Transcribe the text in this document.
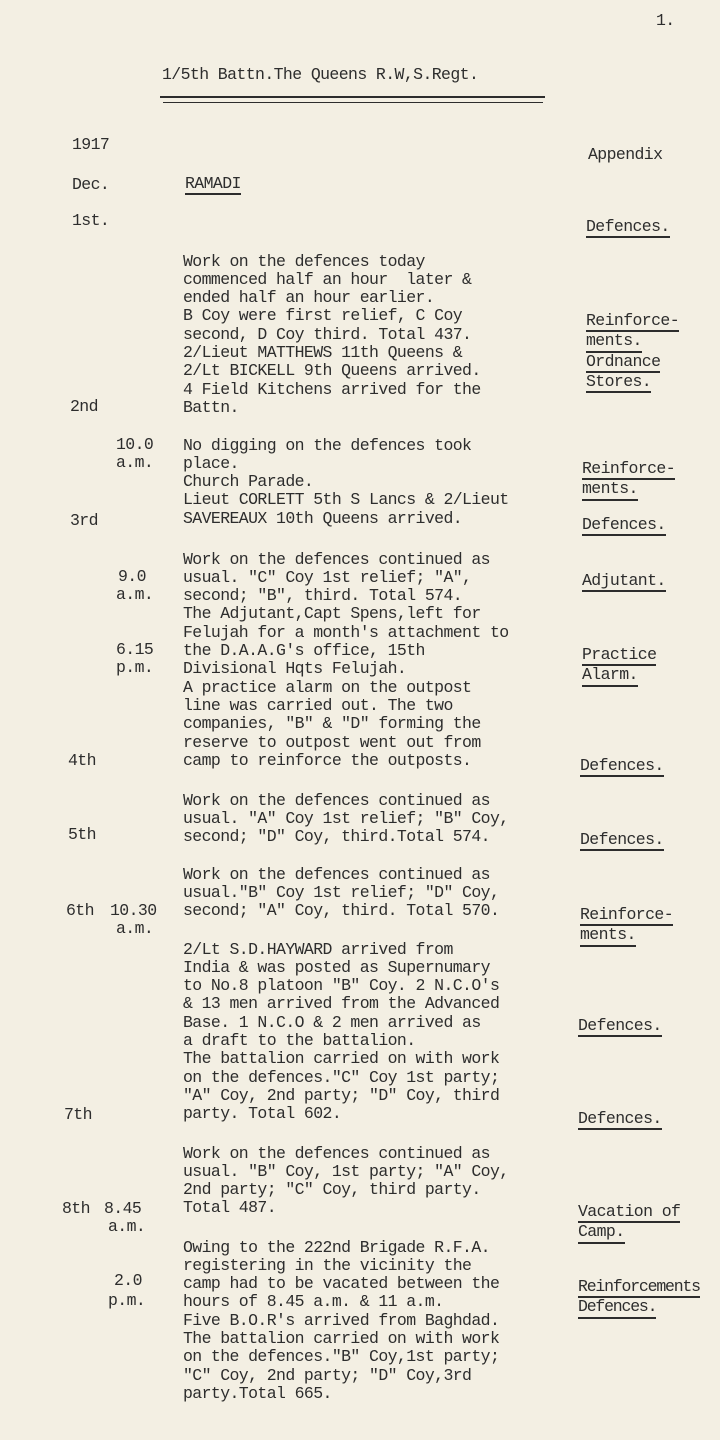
1.
1/5th Battn.The Queens R.W,S.Regt.
1917
Appendix
Dec.	RAMADI
1st.

Work on the defences today
commenced half an hour  later &
ended half an hour earlier.
B Coy were first relief, C Coy
second, D Coy third. Total 437.
2/Lieut MATTHEWS 11th Queens &
2/Lt BICKELL 9th Queens arrived.
4 Field Kitchens arrived for the
Battn.

Defences.
Reinforce-
ments.
Ordnance
Stores.
2nd
10.0
a.m.

No digging on the defences took
place.
Church Parade.
Lieut CORLETT 5th S Lancs & 2/Lieut
SAVEREAUX 10th Queens arrived.

Reinforce-
ments.
3rd
9.0
a.m.
6.15
p.m.

Work on the defences continued as
usual. "C" Coy 1st relief; "A",
second; "B", third. Total 574.
The Adjutant,Capt Spens,left for
Felujah for a month's attachment to
the D.A.A.G's office, 15th
Divisional Hqts Felujah.
A practice alarm on the outpost
line was carried out. The two
companies, "B" & "D" forming the
reserve to outpost went out from
camp to reinforce the outposts.

Defences.
Adjutant.
Practice
Alarm.
4th

Work on the defences continued as
usual. "A" Coy 1st relief; "B" Coy,
second; "D" Coy, third.Total 574.

Defences.
5th

Work on the defences continued as
usual."B" Coy 1st relief; "D" Coy,
second; "A" Coy, third. Total 570.

Defences.
6th 10.30
a.m.

2/Lt S.D.HAYWARD arrived from
India & was posted as Supernumary
to No.8 platoon "B" Coy. 2 N.C.O's
& 13 men arrived from the Advanced
Base. 1 N.C.O & 2 men arrived as
a draft to the battalion.
The battalion carried on with work
on the defences."C" Coy 1st party;
"A" Coy, 2nd party; "D" Coy, third
party. Total 602.

Reinforce-
ments.
Defences.
7th

Work on the defences continued as
usual. "B" Coy, 1st party; "A" Coy,
2nd party; "C" Coy, third party.
Total 487.

Defences.
8th 8.45
a.m.
2.0
p.m.

Owing to the 222nd Brigade R.F.A.
registering in the vicinity the
camp had to be vacated between the
hours of 8.45 a.m. & 11 a.m.
Five B.O.R's arrived from Baghdad.
The battalion carried on with work
on the defences."B" Coy,1st party;
"C" Coy, 2nd party; "D" Coy,3rd
party.Total 665.

Vacation of
Camp.
Reinforcements
Defences.
